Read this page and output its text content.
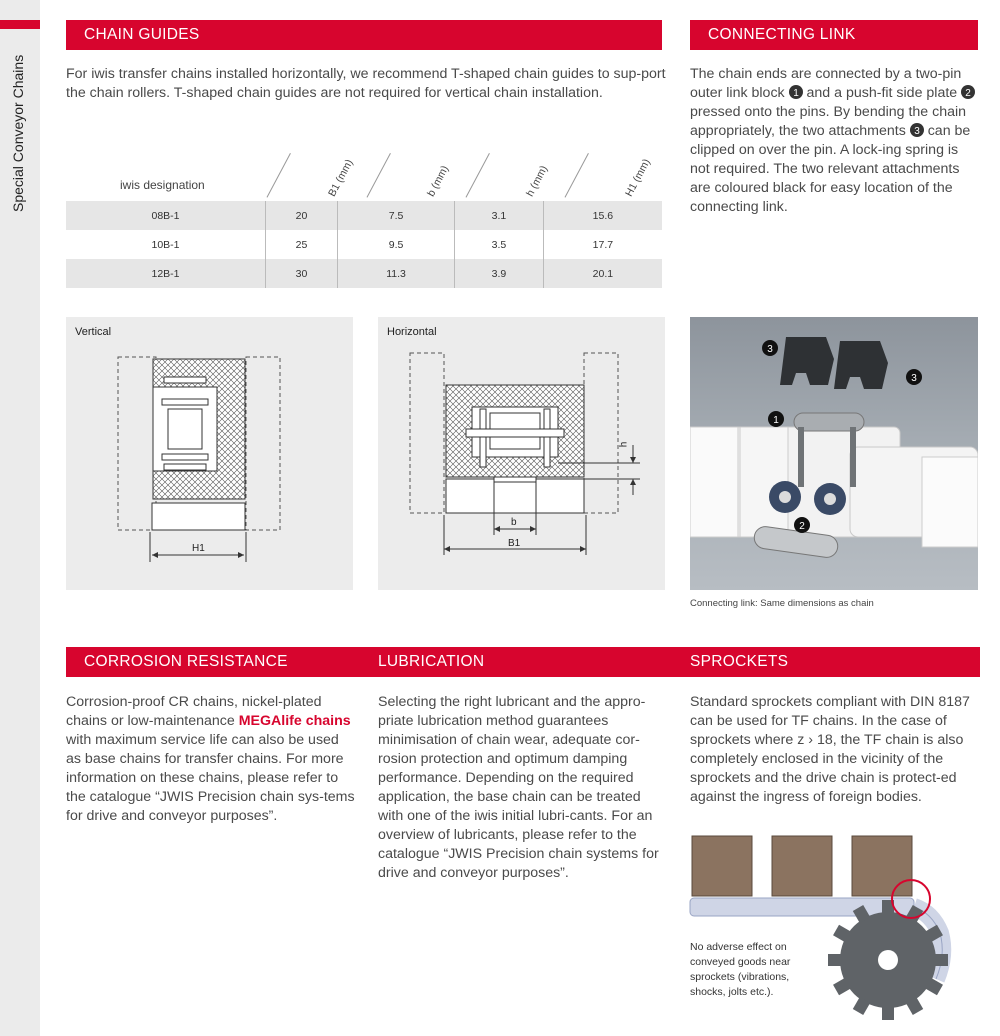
Special Conveyor Chains
CHAIN GUIDES
For iwis transfer chains installed horizontally, we recommend T-shaped chain guides to sup-port the chain rollers. T-shaped chain guides are not required for vertical chain installation.
iwis designation	B1 (mm)	b (mm)	h (mm)	H1 (mm)
08B-1	20	7.5	3.1	15.6
10B-1	25	9.5	3.5	17.7
12B-1	30	11.3	3.9	20.1
CONNECTING LINK
The chain ends are connected by a two-pin outer link block 1 and a push-fit side plate 2
pressed onto the pins. By bending the chain appropriately, the two attachments 3 can be clipped on over the pin. A lock-ing spring is not required. The two relevant attachments are coloured black for easy location of the connecting link.
Vertical
H1
Horizontal
b
B1
h
3
3
1
2
Connecting link: Same dimensions as chain
CORROSION RESISTANCE	LUBRICATION	SPROCKETS
Corrosion-proof CR chains, nickel-plated chains or low-maintenance MEGAlife chains with maximum service life can also be used as base chains for transfer chains. For more information on these chains, please refer to the catalogue “JWIS Precision chain sys-tems for drive and conveyor purposes”.
Selecting the right lubricant and the appro-priate lubrication method guarantees minimisation of chain wear, adequate cor-rosion protection and optimum damping performance. Depending on the required application, the base chain can be treated with one of the iwis initial lubri-cants. For an overview of lubricants, please refer to the catalogue “JWIS Precision chain systems for drive and conveyor purposes”.
Standard sprockets compliant with DIN 8187 can be used for TF chains. In the case of sprockets where z › 18, the TF chain is also completely enclosed in the vicinity of the sprockets and the drive chain is protect-ed against the ingress of foreign bodies.
No adverse effect on conveyed goods near sprockets (vibrations, shocks, jolts etc.).
